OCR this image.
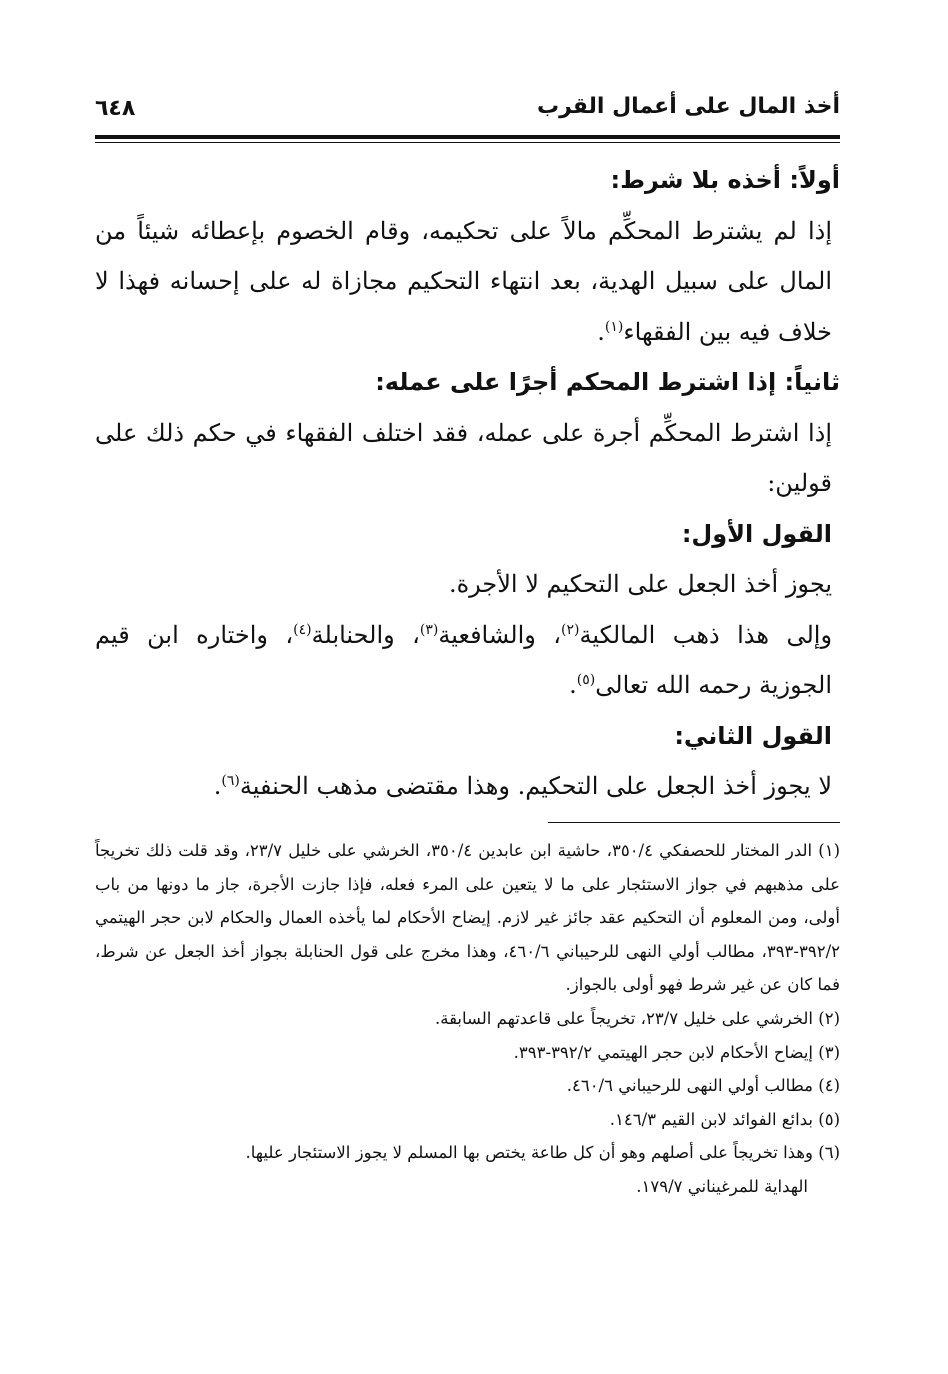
أخذ المال على أعمال القرب
٦٤٨

أولاً: أخذه بلا شرط:

إذا لم يشترط المحكِّم مالاً على تحكيمه، وقام الخصوم بإعطائه شيئاً من المال على سبيل الهدية، بعد انتهاء التحكيم مجازاة له على إحسانه فهذا لا خلاف فيه بين الفقهاء$^{(١)}$.

ثانياً: إذا اشترط المحكم أجرًا على عمله:

إذا اشترط المحكِّم أجرة على عمله، فقد اختلف الفقهاء في حكم ذلك على قولين:

القول الأول:

يجوز أخذ الجعل على التحكيم لا الأجرة.

وإلى هذا ذهب المالكية$^{(٢)}$، والشافعية$^{(٣)}$، والحنابلة$^{(٤)}$، واختاره ابن قيم الجوزية رحمه الله تعالى$^{(٥)}$.

القول الثاني:

لا يجوز أخذ الجعل على التحكيم. وهذا مقتضى مذهب الحنفية$^{(٦)}$.

(١) الدر المختار للحصفكي ٣٥٠/٤، حاشية ابن عابدين ٣٥٠/٤، الخرشي على خليل ٢٣/٧، وقد قلت ذلك تخريجاً على مذهبهم في جواز الاستئجار على ما لا يتعين على المرء فعله، فإذا جازت الأجرة، جاز ما دونها من باب أولى، ومن المعلوم أن التحكيم عقد جائز غير لازم. إيضاح الأحكام لما يأخذه العمال والحكام لابن حجر الهيتمي ٣٩٢/٢-٣٩٣، مطالب أولي النهى للرحيباني ٤٦٠/٦، وهذا مخرج على قول الحنابلة بجواز أخذ الجعل عن شرط، فما كان عن غير شرط فهو أولى بالجواز.

(٢) الخرشي على خليل ٢٣/٧، تخريجاً على قاعدتهم السابقة.

(٣) إيضاح الأحكام لابن حجر الهيتمي ٣٩٢/٢-٣٩٣.

(٤) مطالب أولي النهى للرحيباني ٤٦٠/٦.

(٥) بدائع الفوائد لابن القيم ١٤٦/٣.

(٦) وهذا تخريجاً على أصلهم وهو أن كل طاعة يختص بها المسلم لا يجوز الاستئجار عليها.

الهداية للمرغيناني ١٧٩/٧.
